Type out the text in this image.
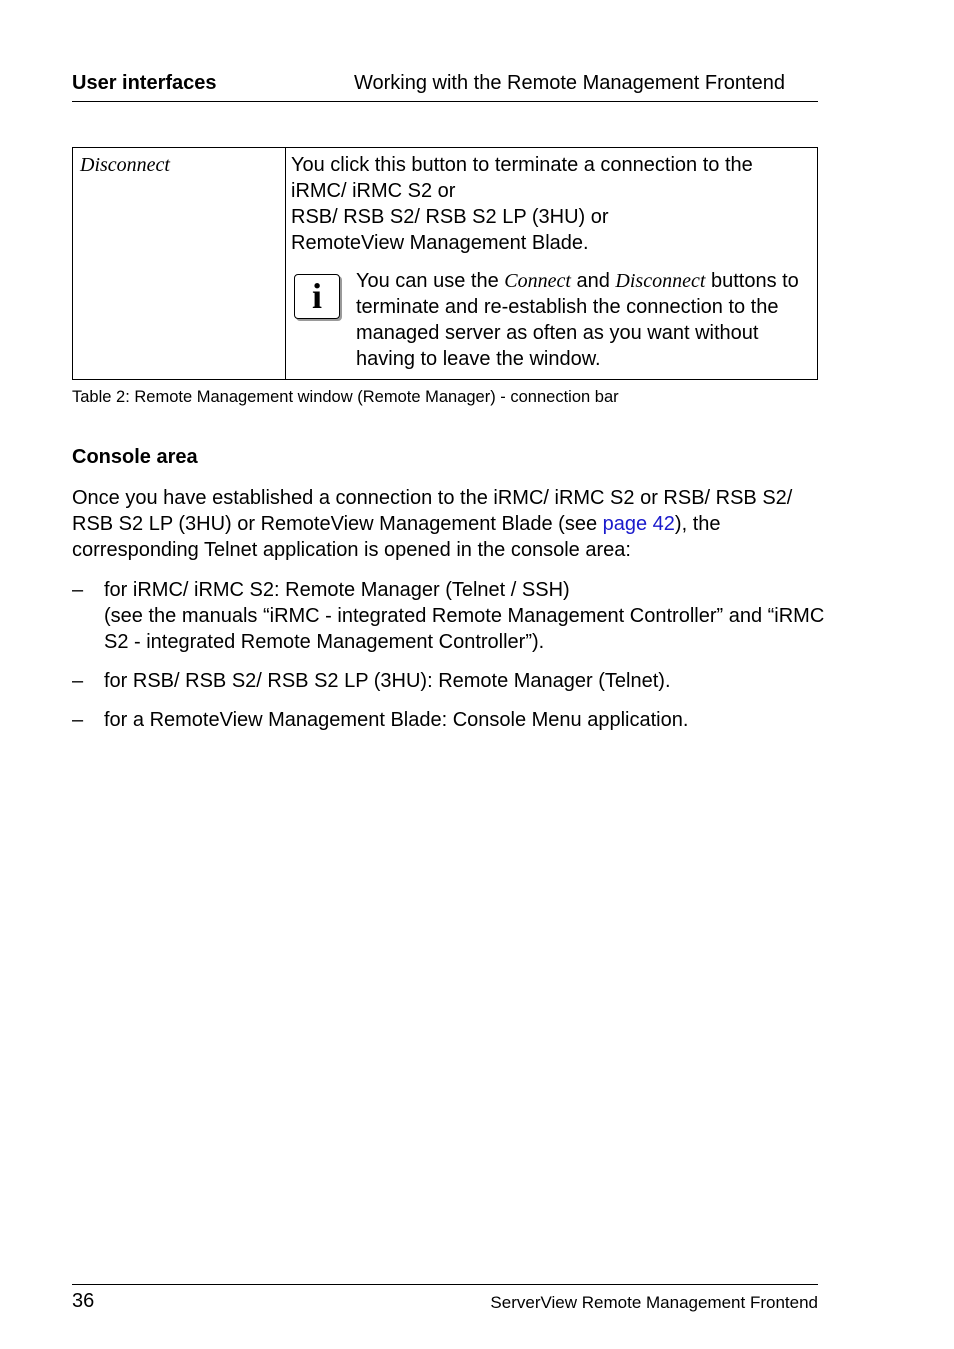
User interfaces	Working with the Remote Management Frontend
Disconnect	You click this button to terminate a connection to the

iRMC/ iRMC S2 or

RSB/ RSB S2/ RSB S2 LP (3HU) or

RemoteView Management Blade.

i	You can use the Connect and Disconnect buttons to terminate and re-establish the connection to the managed server as often as you want without having to leave the window.
Table 2: Remote Management window (Remote Manager) - connection bar
Console area
Once you have established a connection to the iRMC/ iRMC S2 or RSB/ RSB S2/ RSB S2 LP (3HU) or RemoteView Management Blade (see page 42), the corresponding Telnet application is opened in the console area:
– for iRMC/ iRMC S2: Remote Manager (Telnet / SSH)
(see the manuals “iRMC - integrated Remote Management Controller” and “iRMC S2 - integrated Remote Management Controller”).
– for RSB/ RSB S2/ RSB S2 LP (3HU): Remote Manager (Telnet).
– for a RemoteView Management Blade: Console Menu application.
36	ServerView Remote Management Frontend
